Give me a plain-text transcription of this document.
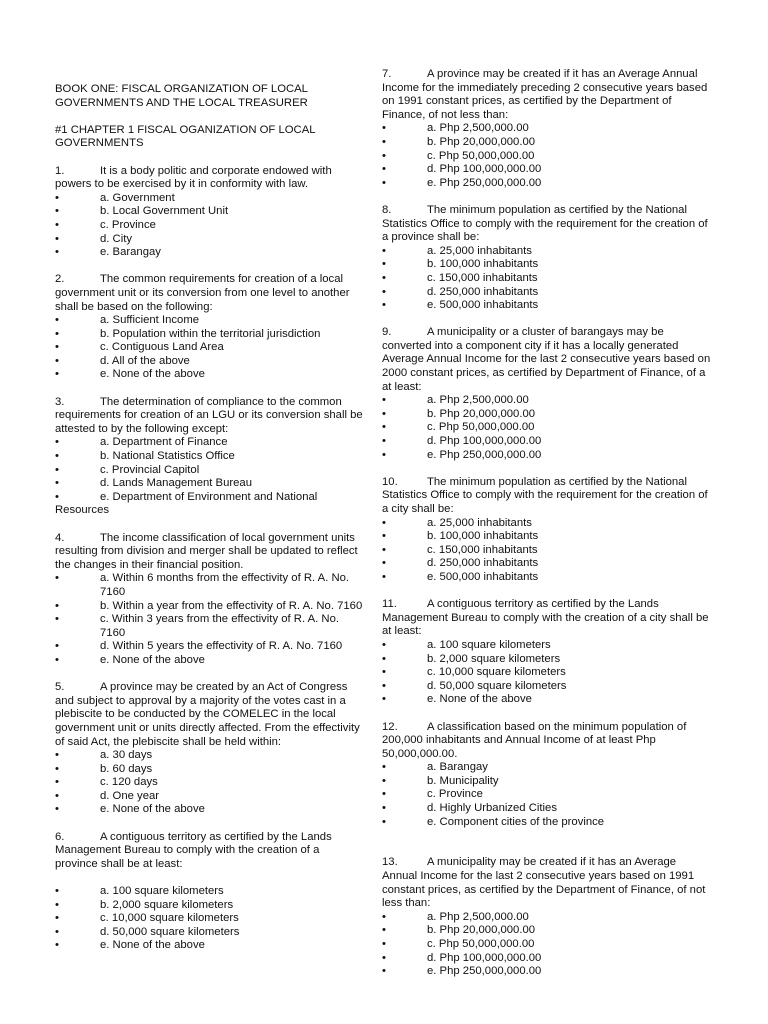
BOOK ONE: FISCAL ORGANIZATION OF LOCAL GOVERNMENTS AND THE LOCAL TREASURER
#1 CHAPTER 1 FISCAL OGANIZATION OF LOCAL GOVERNMENTS
1.	It is a body politic and corporate endowed with powers to be exercised by it in conformity with law.
•	a. Government
•	b. Local Government Unit
•	c. Province
•	d. City
•	e. Barangay
2.	The common requirements for creation of a local government unit or its conversion from one level to another shall be based on the following:
•	a. Sufficient Income
•	b. Population within the territorial jurisdiction
•	c. Contiguous Land Area
•	d. All of the above
•	e. None of the above
3.	The determination of compliance to the common requirements for creation of an LGU or its conversion shall be attested to by the following except:
•	a. Department of Finance
•	b. National Statistics Office
•	c. Provincial Capitol
•	d. Lands Management Bureau
•	e. Department of Environment and National Resources
4.	The income classification of local government units resulting from division and merger shall be updated to reflect the changes in their financial position.
•	a. Within 6 months from the effectivity of R. A. No. 7160
•	b. Within a year from the effectivity of R. A. No. 7160
•	c. Within 3 years from the effectivity of R. A. No. 7160
•	d. Within 5 years the effectivity of R. A. No. 7160
•	e. None of the above
5.	A province may be created by an Act of Congress and subject to approval by a majority of the votes cast in a plebiscite to be conducted by the COMELEC in the local government unit or units directly affected. From the effectivity of said Act, the plebiscite shall be held within:
•	a. 30 days
•	b. 60 days
•	c. 120 days
•	d. One year
•	e. None of the above
6.	A contiguous territory as certified by the Lands Management Bureau to comply with the creation of a province shall be at least:
•	a. 100 square kilometers
•	b. 2,000 square kilometers
•	c. 10,000 square kilometers
•	d. 50,000 square kilometers
•	e. None of the above
7.	A province may be created if it has an Average Annual Income for the immediately preceding 2 consecutive years based on 1991 constant prices, as certified by the Department of Finance, of not less than:
•	a. Php 2,500,000.00
•	b. Php 20,000,000.00
•	c. Php 50,000,000.00
•	d. Php 100,000,000.00
•	e. Php 250,000,000.00
8.	The minimum population as certified by the National Statistics Office to comply with the requirement for the creation of a province shall be:
•	a. 25,000 inhabitants
•	b. 100,000 inhabitants
•	c. 150,000 inhabitants
•	d. 250,000 inhabitants
•	e. 500,000 inhabitants
9.	A municipality or a cluster of barangays may be converted into a component city if it has a locally generated Average Annual Income for the last 2 consecutive years based on 2000 constant prices, as certified by Department of Finance, of a at least:
•	a. Php 2,500,000.00
•	b. Php 20,000,000.00
•	c. Php 50,000,000.00
•	d. Php 100,000,000.00
•	e. Php 250,000,000.00
10.	The minimum population as certified by the National Statistics Office to comply with the requirement for the creation of a city shall be:
•	a. 25,000 inhabitants
•	b. 100,000 inhabitants
•	c. 150,000 inhabitants
•	d. 250,000 inhabitants
•	e. 500,000 inhabitants
11.	A contiguous territory as certified by the Lands Management Bureau to comply with the creation of a city shall be at least:
•	a. 100 square kilometers
•	b. 2,000 square kilometers
•	c. 10,000 square kilometers
•	d. 50,000 square kilometers
•	e. None of the above
12.	A classification based on the minimum population of 200,000 inhabitants and Annual Income of at least Php 50,000,000.00.
•	a. Barangay
•	b. Municipality
•	c. Province
•	d. Highly Urbanized Cities
•	e. Component cities of the province
13.	A municipality may be created if it has an Average Annual Income for the last 2 consecutive years based on 1991 constant prices, as certified by the Department of Finance, of not less than:
•	a. Php 2,500,000.00
•	b. Php 20,000,000.00
•	c. Php 50,000,000.00
•	d. Php 100,000,000.00
•	e. Php 250,000,000.00
